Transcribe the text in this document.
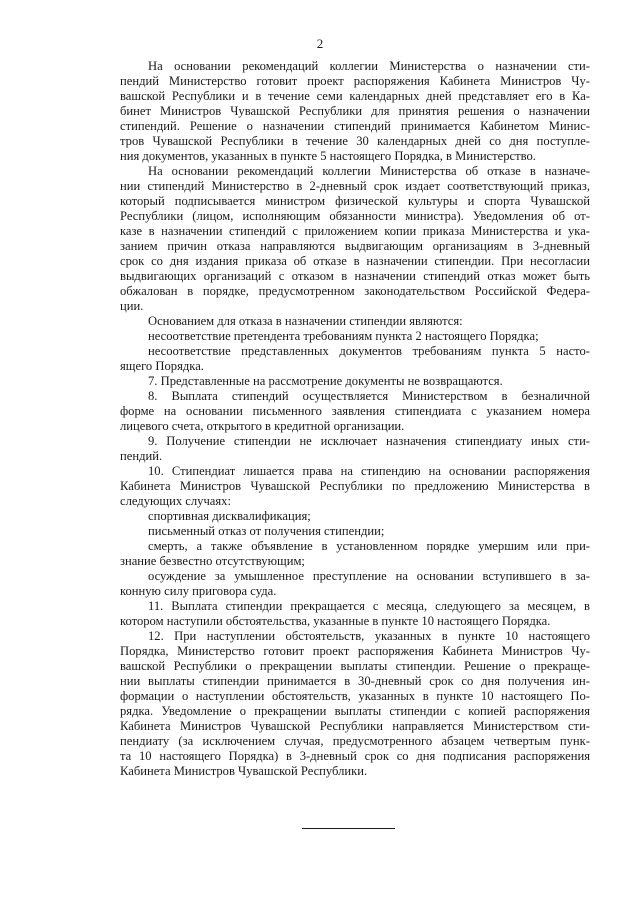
2
На основании рекомендаций коллегии Министерства о назначении сти-
пендий Министерство готовит проект распоряжения Кабинета Министров Чу-
вашской Республики и в течение семи календарных дней представляет его в Ка-
бинет Министров Чувашской Республики для принятия решения о назначении
стипендий. Решение о назначении стипендий принимается Кабинетом Минис-
тров Чувашской Республики в течение 30 календарных дней со дня поступле-
ния документов, указанных в пункте 5 настоящего Порядка, в Министерство.
На основании рекомендаций коллегии Министерства об отказе в назначе-
нии стипендий Министерство в 2-дневный срок издает соответствующий приказ,
который подписывается министром физической культуры и спорта Чувашской
Республики (лицом, исполняющим обязанности министра). Уведомления об от-
казе в назначении стипендий с приложением копии приказа Министерства и ука-
занием причин отказа направляются выдвигающим организациям в 3-дневный
срок со дня издания приказа об отказе в назначении стипендии. При несогласии
выдвигающих организаций с отказом в назначении стипендий отказ может быть
обжалован в порядке, предусмотренном законодательством Российской Федера-
ции.
Основанием для отказа в назначении стипендии являются:
несоответствие претендента требованиям пункта 2 настоящего Порядка;
несоответствие представленных документов требованиям пункта 5 насто-
ящего Порядка.
7. Представленные на рассмотрение документы не возвращаются.
8. Выплата стипендий осуществляется Министерством в безналичной
форме на основании письменного заявления стипендиата с указанием номера
лицевого счета, открытого в кредитной организации.
9. Получение стипендии не исключает назначения стипендиату иных сти-
пендий.
10. Стипендиат лишается права на стипендию на основании распоряжения
Кабинета Министров Чувашской Республики по предложению Министерства в
следующих случаях:
спортивная дисквалификация;
письменный отказ от получения стипендии;
смерть, а также объявление в установленном порядке умершим или при-
знание безвестно отсутствующим;
осуждение за умышленное преступление на основании вступившего в за-
конную силу приговора суда.
11. Выплата стипендии прекращается с месяца, следующего за месяцем, в
котором наступили обстоятельства, указанные в пункте 10 настоящего Порядка.
12. При наступлении обстоятельств, указанных в пункте 10 настоящего
Порядка, Министерство готовит проект распоряжения Кабинета Министров Чу-
вашской Республики о прекращении выплаты стипендии. Решение о прекраще-
нии выплаты стипендии принимается в 30-дневный срок со дня получения ин-
формации о наступлении обстоятельств, указанных в пункте 10 настоящего По-
рядка. Уведомление о прекращении выплаты стипендии с копией распоряжения
Кабинета Министров Чувашской Республики направляется Министерством сти-
пендиату (за исключением случая, предусмотренного абзацем четвертым пунк-
та 10 настоящего Порядка) в 3-дневный срок со дня подписания распоряжения
Кабинета Министров Чувашской Республики.
